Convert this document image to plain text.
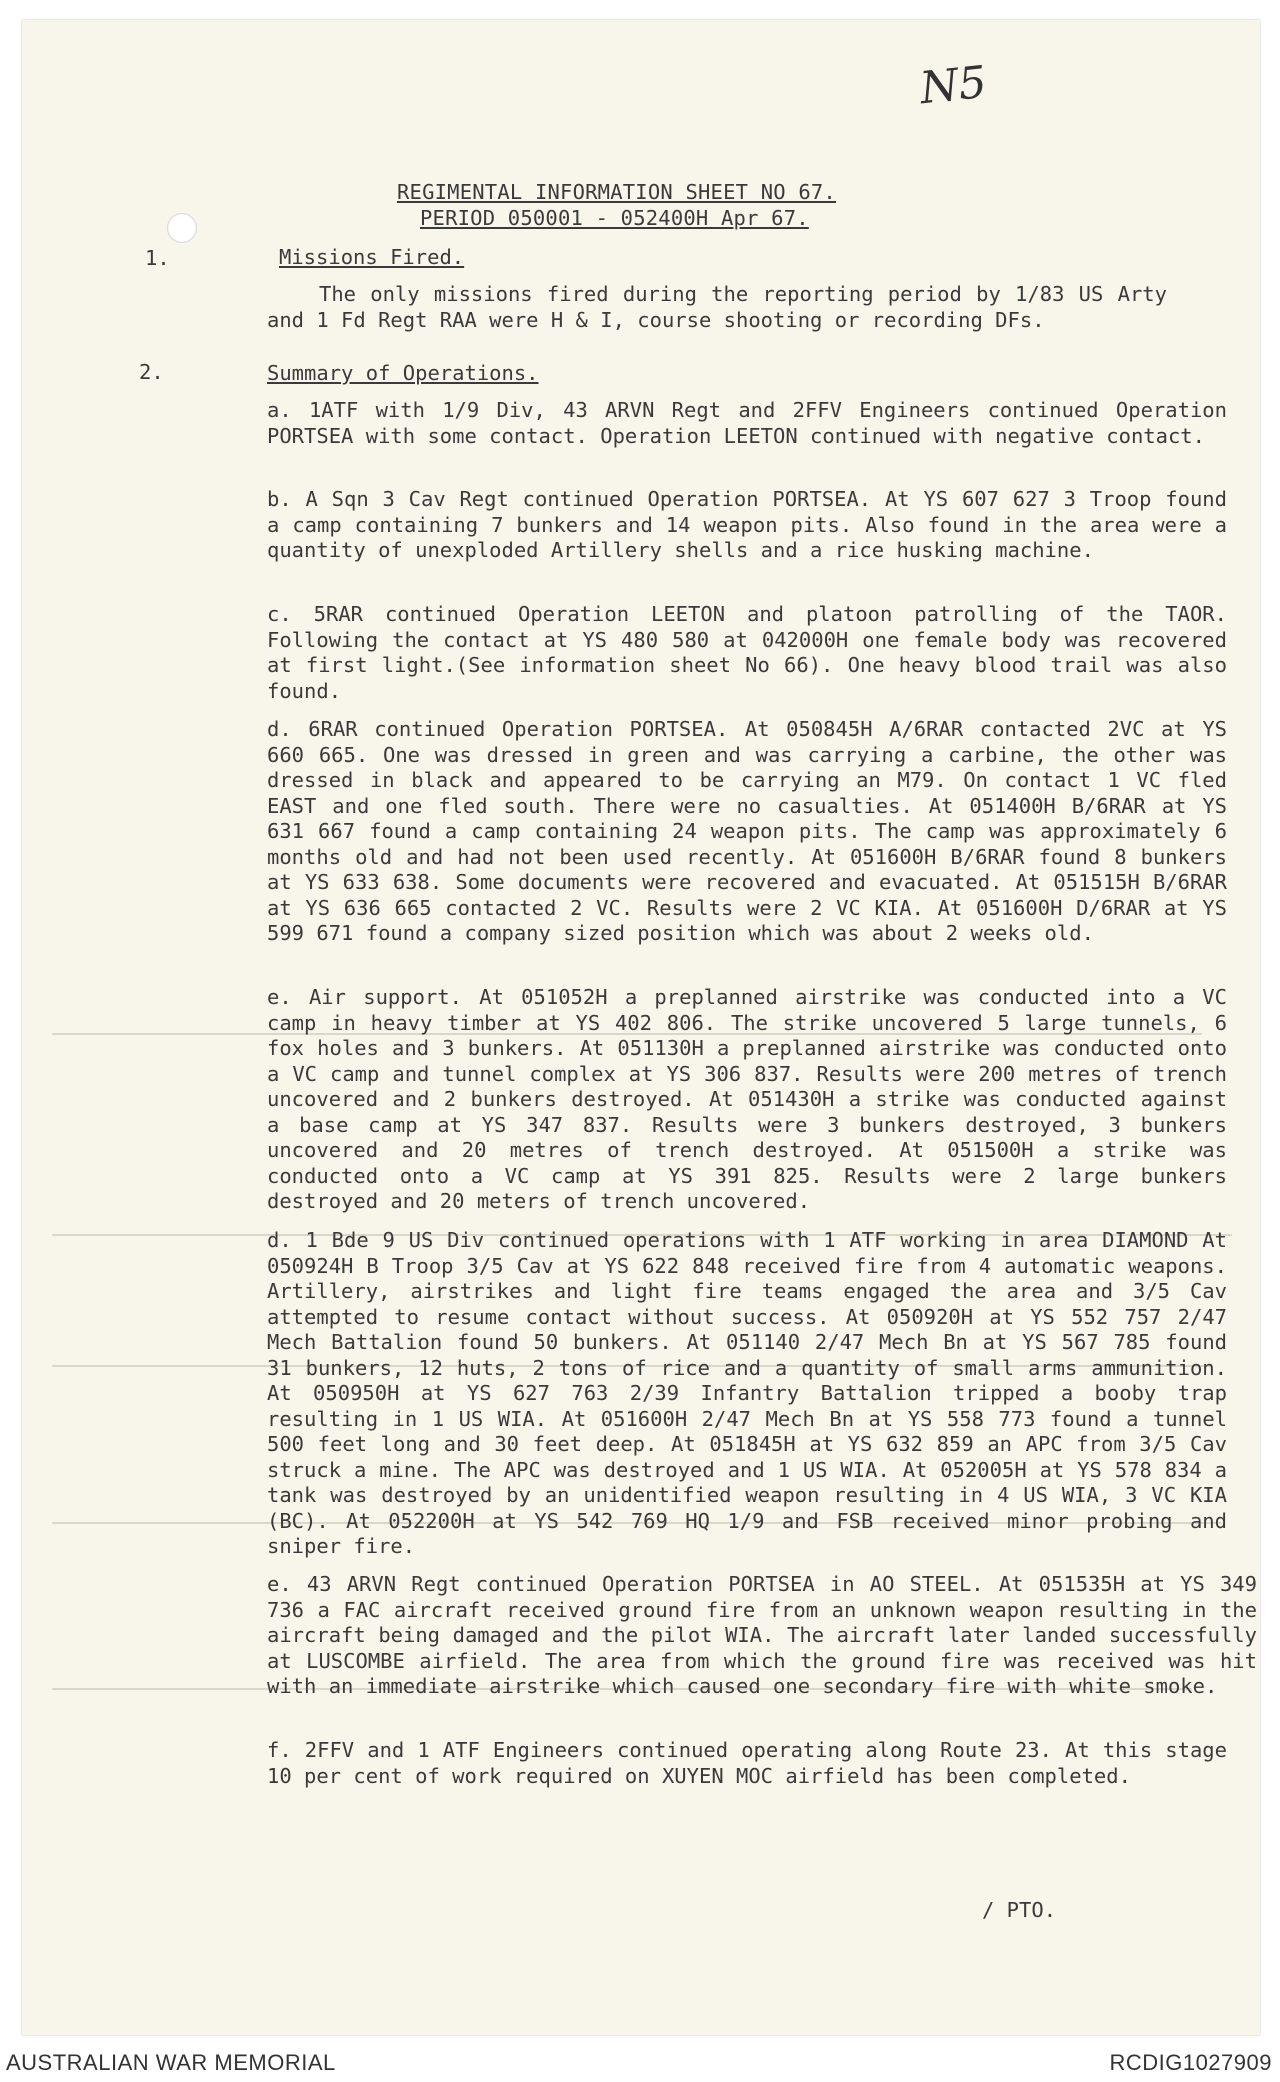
N5
REGIMENTAL INFORMATION SHEET NO 67.
PERIOD 050001 - 052400H Apr 67.
1.	Missions Fired.
The only missions fired during the reporting period by 1/83 US Arty and 1 Fd Regt RAA were H & I, course shooting or recording DFs.
2.	Summary of Operations.
a. 1ATF with 1/9 Div, 43 ARVN Regt and 2FFV Engineers continued Operation PORTSEA with some contact. Operation LEETON continued with negative contact.
b. A Sqn 3 Cav Regt continued Operation PORTSEA. At YS 607 627 3 Troop found a camp containing 7 bunkers and 14 weapon pits. Also found in the area were a quantity of unexploded Artillery shells and a rice husking machine.
c. 5RAR continued Operation LEETON and platoon patrolling of the TAOR. Following the contact at YS 480 580 at 042000H one female body was recovered at first light.(See information sheet No 66). One heavy blood trail was also found.
d. 6RAR continued Operation PORTSEA. At 050845H A/6RAR contacted 2VC at YS 660 665. One was dressed in green and was carrying a carbine, the other was dressed in black and appeared to be carrying an M79. On contact 1 VC fled EAST and one fled south. There were no casualties. At 051400H B/6RAR at YS 631 667 found a camp containing 24 weapon pits. The camp was approximately 6 months old and had not been used recently. At 051600H B/6RAR found 8 bunkers at YS 633 638. Some documents were recovered and evacuated. At 051515H B/6RAR at YS 636 665 contacted 2 VC. Results were 2 VC KIA. At 051600H D/6RAR at YS 599 671 found a company sized position which was about 2 weeks old.
e. Air support. At 051052H a preplanned airstrike was conducted into a VC camp in heavy timber at YS 402 806. The strike uncovered 5 large tunnels, 6 fox holes and 3 bunkers. At 051130H a preplanned airstrike was conducted onto a VC camp and tunnel complex at YS 306 837. Results were 200 metres of trench uncovered and 2 bunkers destroyed. At 051430H a strike was conducted against a base camp at YS 347 837. Results were 3 bunkers destroyed, 3 bunkers uncovered and 20 metres of trench destroyed. At 051500H a strike was conducted onto a VC camp at YS 391 825. Results were 2 large bunkers destroyed and 20 meters of trench uncovered.
d. 1 Bde 9 US Div continued operations with 1 ATF working in area DIAMOND At 050924H B Troop 3/5 Cav at YS 622 848 received fire from 4 automatic weapons. Artillery, airstrikes and light fire teams engaged the area and 3/5 Cav attempted to resume contact without success. At 050920H at YS 552 757 2/47 Mech Battalion found 50 bunkers. At 051140 2/47 Mech Bn at YS 567 785 found 31 bunkers, 12 huts, 2 tons of rice and a quantity of small arms ammunition. At 050950H at YS 627 763 2/39 Infantry Battalion tripped a booby trap resulting in 1 US WIA. At 051600H 2/47 Mech Bn at YS 558 773 found a tunnel 500 feet long and 30 feet deep. At 051845H at YS 632 859 an APC from 3/5 Cav struck a mine. The APC was destroyed and 1 US WIA. At 052005H at YS 578 834 a tank was destroyed by an unidentified weapon resulting in 4 US WIA, 3 VC KIA (BC). At 052200H at YS 542 769 HQ 1/9 and FSB received minor probing and sniper fire.
e. 43 ARVN Regt continued Operation PORTSEA in AO STEEL. At 051535H at YS 349 736 a FAC aircraft received ground fire from an unknown weapon resulting in the aircraft being damaged and the pilot WIA. The aircraft later landed successfully at LUSCOMBE airfield. The area from which the ground fire was received was hit with an immediate airstrike which caused one secondary fire with white smoke.
f. 2FFV and 1 ATF Engineers continued operating along Route 23. At this stage 10 per cent of work required on XUYEN MOC airfield has been completed.
/ PTO.
AUSTRALIAN WAR MEMORIAL	RCDIG1027909
